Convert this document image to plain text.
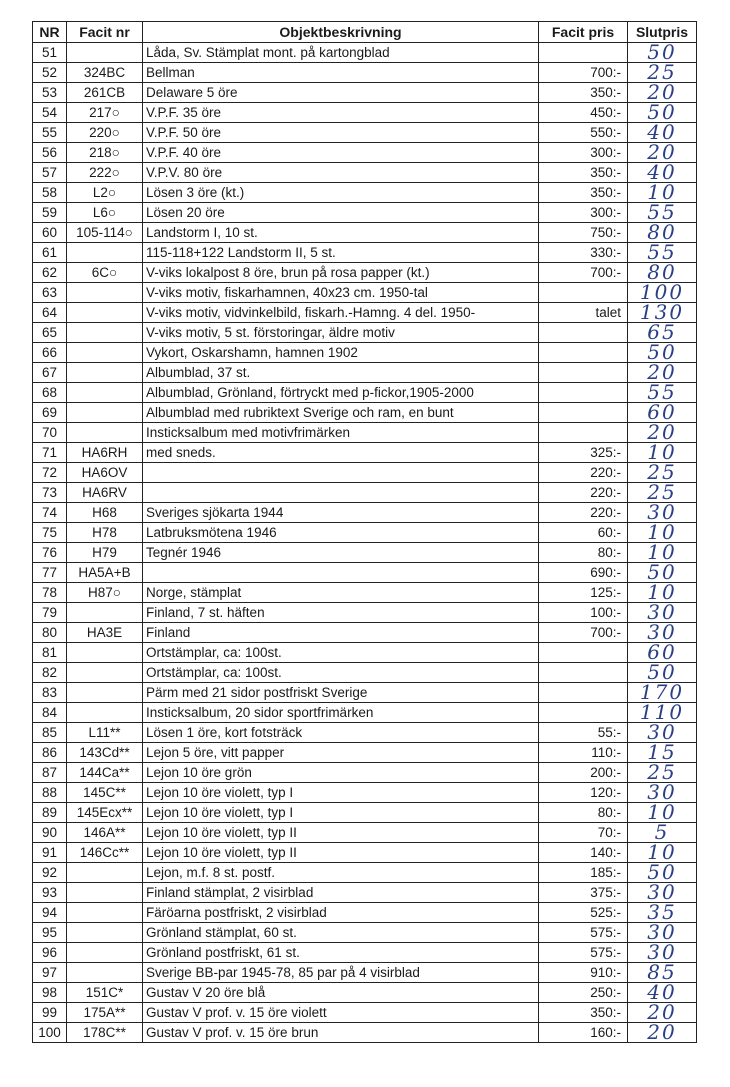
NR	Facit nr	Objektbeskrivning	Facit pris	Slutpris
51		Låda, Sv. Stämplat mont. på kartongblad		50
52	324BC	Bellman	700:-	25
53	261CB	Delaware 5 öre	350:-	20
54	217○	V.P.F. 35 öre	450:-	50
55	220○	V.P.F. 50 öre	550:-	40
56	218○	V.P.F. 40 öre	300:-	20
57	222○	V.P.V. 80 öre	350:-	40
58	L2○	Lösen 3 öre (kt.)	350:-	10
59	L6○	Lösen 20 öre	300:-	55
60	105-114○	Landstorm I, 10 st.	750:-	80
61		115-118+122 Landstorm II, 5 st.	330:-	55
62	6C○	V-viks lokalpost 8 öre, brun på rosa papper (kt.)	700:-	80
63		V-viks motiv, fiskarhamnen, 40x23 cm. 1950-tal		100
64		V-viks motiv, vidvinkelbild, fiskarh.-Hamng. 4 del. 1950-	talet	130
65		V-viks motiv, 5 st. förstoringar, äldre motiv		65
66		Vykort, Oskarshamn, hamnen 1902		50
67		Albumblad, 37 st.		20
68		Albumblad, Grönland, förtryckt med p-fickor,1905-2000		55
69		Albumblad med rubriktext Sverige och ram, en bunt		60
70		Insticksalbum med motivfrimärken		20
71	HA6RH	med sneds.	325:-	10
72	HA6OV		220:-	25
73	HA6RV		220:-	25
74	H68	Sveriges sjökarta 1944	220:-	30
75	H78	Latbruksmötena 1946	60:-	10
76	H79	Tegnér 1946	80:-	10
77	HA5A+B		690:-	50
78	H87○	Norge, stämplat	125:-	10
79		Finland, 7 st. häften	100:-	30
80	HA3E	Finland	700:-	30
81		Ortstämplar, ca: 100st.		60
82		Ortstämplar, ca: 100st.		50
83		Pärm med 21 sidor postfriskt Sverige		170
84		Insticksalbum, 20 sidor sportfrimärken		110
85	L11**	Lösen 1 öre, kort fotsträck	55:-	30
86	143Cd**	Lejon 5 öre, vitt papper	110:-	15
87	144Ca**	Lejon 10 öre grön	200:-	25
88	145C**	Lejon 10 öre violett, typ I	120:-	30
89	145Ecx**	Lejon 10 öre violett, typ I	80:-	10
90	146A**	Lejon 10 öre violett, typ II	70:-	5
91	146Cc**	Lejon 10 öre violett, typ II	140:-	10
92		Lejon, m.f. 8 st. postf.	185:-	50
93		Finland stämplat, 2 visirblad	375:-	30
94		Färöarna postfriskt, 2 visirblad	525:-	35
95		Grönland stämplat, 60 st.	575:-	30
96		Grönland postfriskt, 61 st.	575:-	30
97		Sverige BB-par 1945-78, 85 par på 4 visirblad	910:-	85
98	151C*	Gustav V 20 öre blå	250:-	40
99	175A**	Gustav V prof. v. 15 öre violett	350:-	20
100	178C**	Gustav V prof. v. 15 öre brun	160:-	20
